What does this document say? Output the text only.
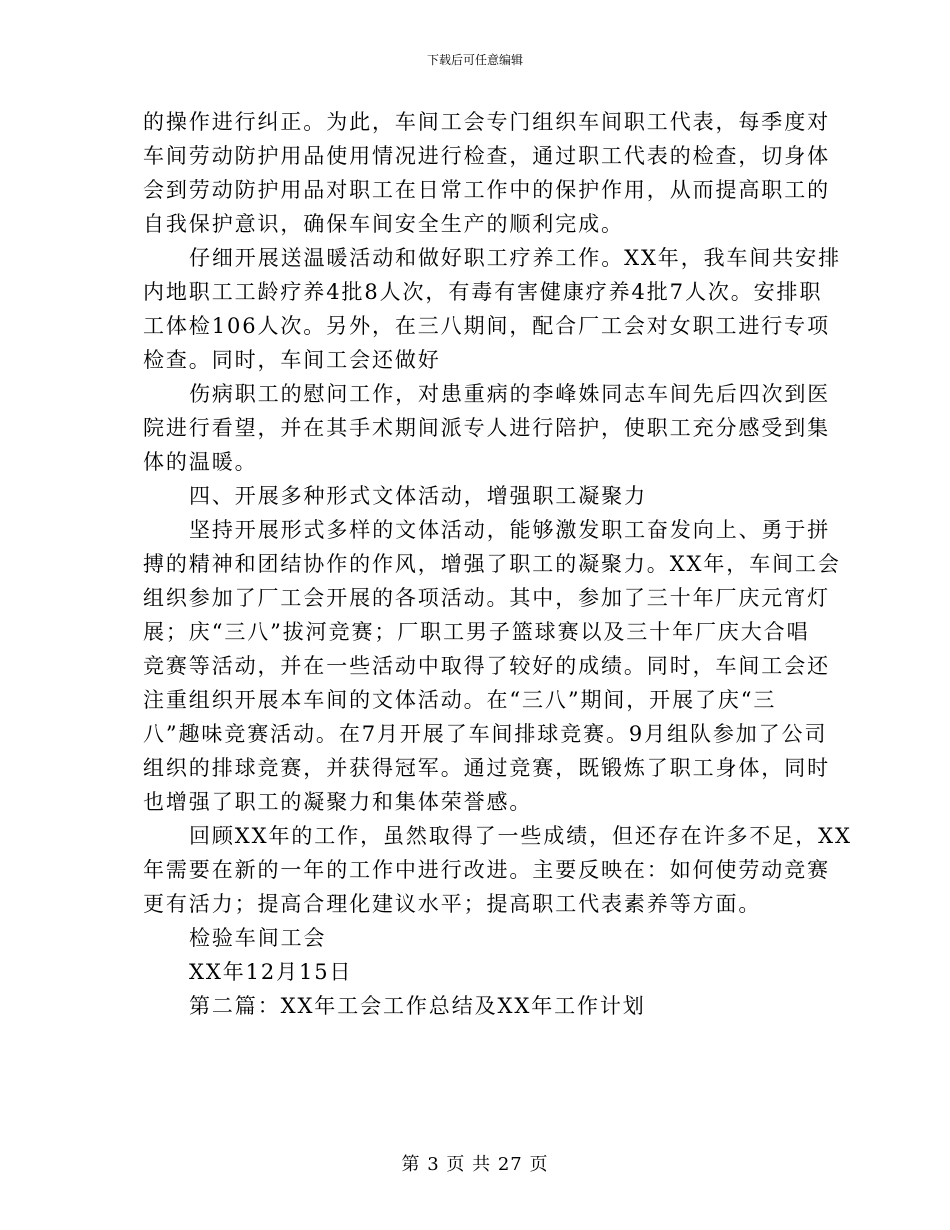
下载后可任意编辑
的操作进行纠正。为此，车间工会专门组织车间职工代表，每季度对
车间劳动防护用品使用情况进行检查，通过职工代表的检查，切身体
会到劳动防护用品对职工在日常工作中的保护作用，从而提高职工的
自我保护意识，确保车间安全生产的顺利完成。
仔细开展送温暖活动和做好职工疗养工作。XX年，我车间共安排
内地职工工龄疗养4批8人次，有毒有害健康疗养4批7人次。安排职
工体检106人次。另外，在三八期间，配合厂工会对女职工进行专项
检查。同时，车间工会还做好
伤病职工的慰问工作，对患重病的李峰姝同志车间先后四次到医
院进行看望，并在其手术期间派专人进行陪护，使职工充分感受到集
体的温暖。
四、开展多种形式文体活动，增强职工凝聚力
坚持开展形式多样的文体活动，能够激发职工奋发向上、勇于拼
搏的精神和团结协作的作风，增强了职工的凝聚力。XX年，车间工会
组织参加了厂工会开展的各项活动。其中，参加了三十年厂庆元宵灯
展；庆“三八”拔河竞赛；厂职工男子篮球赛以及三十年厂庆大合唱
竞赛等活动，并在一些活动中取得了较好的成绩。同时，车间工会还
注重组织开展本车间的文体活动。在“三八”期间，开展了庆“三
八”趣味竞赛活动。在7月开展了车间排球竞赛。9月组队参加了公司
组织的排球竞赛，并获得冠军。通过竞赛，既锻炼了职工身体，同时
也增强了职工的凝聚力和集体荣誉感。
回顾XX年的工作，虽然取得了一些成绩，但还存在许多不足，XX
年需要在新的一年的工作中进行改进。主要反映在：如何使劳动竞赛
更有活力；提高合理化建议水平；提高职工代表素养等方面。
检验车间工会
XX年12月15日
第二篇：XX年工会工作总结及XX年工作计划
第 3 页 共 27 页
